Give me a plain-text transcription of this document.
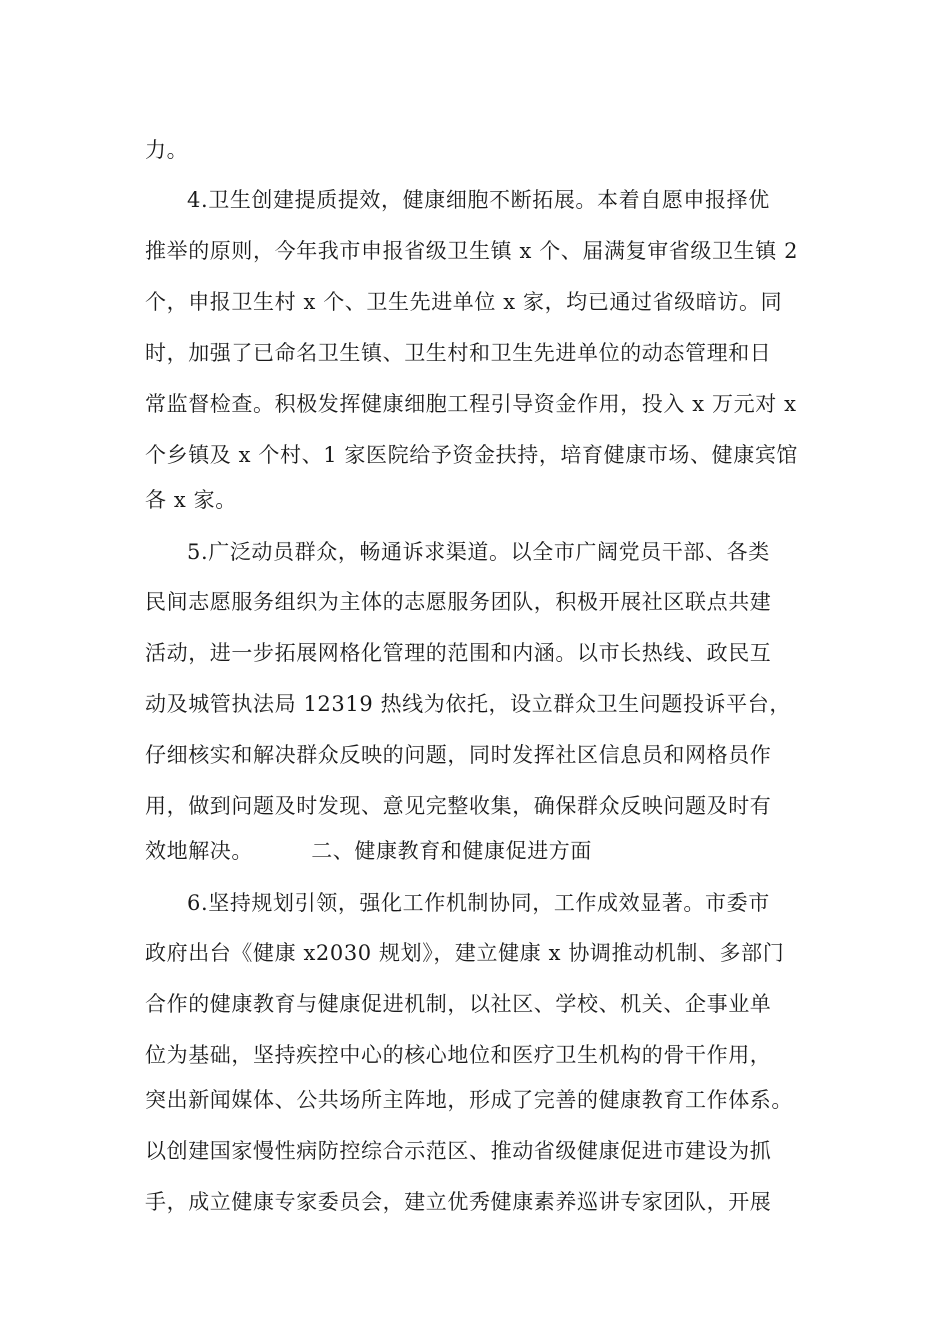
力。
4.卫生创建提质提效，健康细胞不断拓展。本着自愿申报择优
推举的原则，今年我市申报省级卫生镇 x 个、届满复审省级卫生镇 2
个，申报卫生村 x 个、卫生先进单位 x 家，均已通过省级暗访。同
时，加强了已命名卫生镇、卫生村和卫生先进单位的动态管理和日
常监督检查。积极发挥健康细胞工程引导资金作用，投入 x 万元对 x
个乡镇及 x 个村、1 家医院给予资金扶持，培育健康市场、健康宾馆
各 x 家。
5.广泛动员群众，畅通诉求渠道。以全市广阔党员干部、各类
民间志愿服务组织为主体的志愿服务团队，积极开展社区联点共建
活动，进一步拓展网格化管理的范围和内涵。以市长热线、政民互
动及城管执法局 12319 热线为依托，设立群众卫生问题投诉平台，
仔细核实和解决群众反映的问题，同时发挥社区信息员和网格员作
用，做到问题及时发现、意见完整收集，确保群众反映问题及时有
效地解决。        二、健康教育和健康促进方面
6.坚持规划引领，强化工作机制协同，工作成效显著。市委市
政府出台《健康 x2030 规划》，建立健康 x 协调推动机制、多部门
合作的健康教育与健康促进机制，以社区、学校、机关、企事业单
位为基础，坚持疾控中心的核心地位和医疗卫生机构的骨干作用，
突出新闻媒体、公共场所主阵地，形成了完善的健康教育工作体系。
以创建国家慢性病防控综合示范区、推动省级健康促进市建设为抓
手，成立健康专家委员会，建立优秀健康素养巡讲专家团队，开展
